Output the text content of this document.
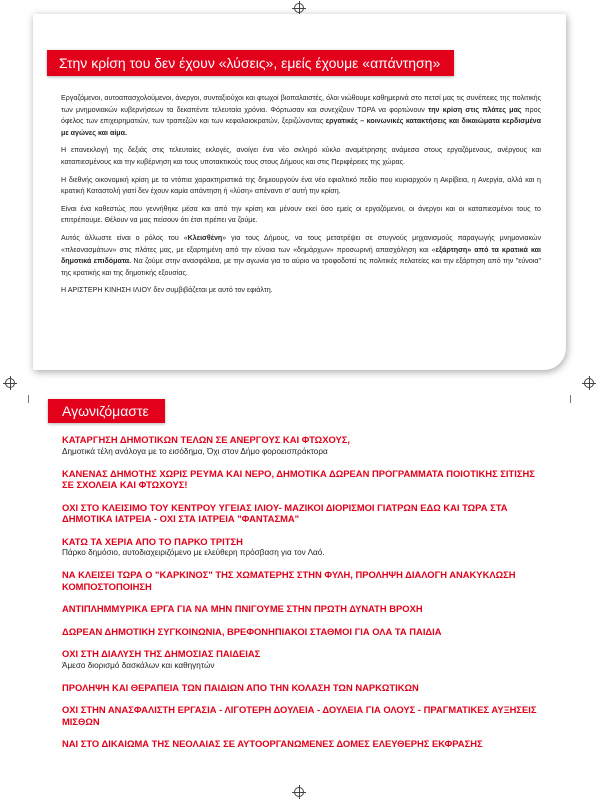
Στην κρίση του δεν έχουν «λύσεις», εμείς έχουμε «απάντηση»

Εργαζόμενοι, αυτοαπασχολούμενοι, άνεργοι, συνταξιούχοι και φτωχοί βιοπαλαιστές, όλοι νιώθουμε καθημερινά στο πετσί μας τις συνέπειες της πολιτικής των μνημονιακών κυβερνήσεων τα δεκαπέντε τελευταία χρόνια. Φόρτωσαν και συνεχίζουν ΤΩΡΑ να φορτώνουν την κρίση στις πλάτες μας προς όφελος των επιχειρηματιών, των τραπεζών και των κεφαλαιοκρατών, ξεριζώνοντας εργατικές – κοινωνικές κατακτήσεις και δικαιώματα κερδισμένα με αγώνες και αίμα.

Η επανεκλογή της δεξιάς στις τελευταίες εκλογές, ανοίγει ένα νέο σκληρό κύκλο αναμέτρησης ανάμεσα στους εργαζόμενους, ανέργους και καταπιεσμένους και την κυβέρνηση και τους υποτακτικούς τους στους Δήμους και στις Περιφέρειες της χώρας.

Η διεθνής οικονομική κρίση με τα ντόπια χαρακτηριστικά της δημιουργούν ένα νέο εφιαλτικό πεδίο που κυριαρχούν η Ακρίβεια, η Ανεργία, αλλά και η κρατική Καταστολή γιατί δεν έχουν καμία απάντηση ή «λύση» απέναντι σ' αυτή την κρίση.

Είναι ένα καθεστώς που γεννήθηκε μέσα και από την κρίση και μένουν εκεί όσο εμείς οι εργαζόμενοι, οι άνεργοι και οι καταπιεσμένοι τους το επιτρέπουμε. Θέλουν να μας πείσουν ότι έτσι πρέπει να ζούμε.

Αυτός άλλωστε είναι ο ρόλος του «Κλεισθένη» για τους Δήμους, να τους μετατρέψει σε στυγνούς μηχανισμούς παραγωγής μνημονιακών «πλεονασμάτων» στις πλάτες μας, με εξαρτημένη από την εύνοια των «δημάρχων» προσωρινή απασχόληση και «εξάρτηση» από τα κρατικά και δημοτικά επιδόματα. Να ζούμε στην ανασφάλεια, με την αγωνία για το αύριο να τροφοδοτεί τις πολιτικές πελατείες και την εξάρτηση από την "εύνοια" της κρατικής και της δημοτικής εξουσίας.

Η ΑΡΙΣΤΕΡΗ ΚΙΝΗΣΗ ΙΛΙΟΥ δεν συμβιβάζεται με αυτό τον εφιάλτη.

Αγωνιζόμαστε
ΚΑΤΑΡΓΗΣΗ ΔΗΜΟΤΙΚΩΝ ΤΕΛΩΝ ΣΕ ΑΝΕΡΓΟΥΣ ΚΑΙ ΦΤΩΧΟΥΣ,
Δημοτικά τέλη ανάλογα με το εισόδημα, Όχι στον Δήμο φοροεισπράκτορα
ΚΑΝΕΝΑΣ ΔΗΜΟΤΗΣ ΧΩΡΙΣ ΡΕΥΜΑ ΚΑΙ ΝΕΡΟ, ΔΗΜΟΤΙΚΑ ΔΩΡΕΑΝ ΠΡΟΓΡΑΜΜΑΤΑ ΠΟΙΟΤΙΚΗΣ ΣΙΤΙΣΗΣ ΣΕ ΣΧΟΛΕΙΑ ΚΑΙ ΦΤΩΧΟΥΣ!
ΟΧΙ ΣΤΟ ΚΛΕΙΣΙΜΟ ΤΟΥ ΚΕΝΤΡΟΥ ΥΓΕΙΑΣ ΙΛΙΟΥ- ΜΑΖΙΚΟΙ ΔΙΟΡΙΣΜΟΙ ΓΙΑΤΡΩΝ ΕΔΩ ΚΑΙ ΤΩΡΑ ΣΤΑ ΔΗΜΟΤΙΚΑ ΙΑΤΡΕΙΑ - ΟΧΙ ΣΤΑ ΙΑΤΡΕΙΑ "ΦΑΝΤΑΣΜΑ"
ΚΑΤΩ ΤΑ ΧΕΡΙΑ ΑΠΟ ΤΟ ΠΑΡΚΟ ΤΡΙΤΣΗ
Πάρκο δημόσιο, αυτοδιαχειριζόμενο με ελεύθερη πρόσβαση για τον Λαό.
ΝΑ ΚΛΕΙΣΕΙ ΤΩΡΑ Ο "ΚΑΡΚΙΝΟΣ" ΤΗΣ ΧΩΜΑΤΕΡΗΣ ΣΤΗΝ ΦΥΛΗ, ΠΡΟΛΗΨΗ ΔΙΑΛΟΓΗ ΑΝΑΚΥΚΛΩΣΗ ΚΟΜΠΟΣΤΟΠΟΙΗΣΗ
ΑΝΤΙΠΛΗΜΜΥΡΙΚΑ ΕΡΓΑ ΓΙΑ ΝΑ ΜΗΝ ΠΝΙΓΟΥΜΕ ΣΤΗΝ ΠΡΩΤΗ ΔΥΝΑΤΗ ΒΡΟΧΗ
ΔΩΡΕΑΝ ΔΗΜΟΤΙΚΗ ΣΥΓΚΟΙΝΩΝΙΑ, ΒΡΕΦΟΝΗΠΙΑΚΟΙ ΣΤΑΘΜΟΙ ΓΙΑ ΟΛΑ ΤΑ ΠΑΙΔΙΑ
ΟΧΙ ΣΤΗ ΔΙΑΛΥΣΗ ΤΗΣ ΔΗΜΟΣΙΑΣ ΠΑΙΔΕΙΑΣ
Άμεσο διορισμό δασκάλων και καθηγητών
ΠΡΟΛΗΨΗ ΚΑΙ ΘΕΡΑΠΕΙΑ ΤΩΝ ΠΑΙΔΙΩΝ ΑΠΟ ΤΗΝ ΚΟΛΑΣΗ ΤΩΝ ΝΑΡΚΩΤΙΚΩΝ
ΟΧΙ ΣΤΗΝ ΑΝΑΣΦΑΛΙΣΤΗ ΕΡΓΑΣΙΑ - ΛΙΓΟΤΕΡΗ ΔΟΥΛΕΙΑ - ΔΟΥΛΕΙΑ ΓΙΑ ΟΛΟΥΣ - ΠΡΑΓΜΑΤΙΚΕΣ ΑΥΞΗΣΕΙΣ ΜΙΣΘΩΝ
ΝΑΙ ΣΤΟ ΔΙΚΑΙΩΜΑ ΤΗΣ ΝΕΟΛΑΙΑΣ ΣΕ ΑΥΤΟΟΡΓΑΝΩΜΕΝΕΣ ΔΟΜΕΣ ΕΛΕΥΘΕΡΗΣ ΕΚΦΡΑΣΗΣ
